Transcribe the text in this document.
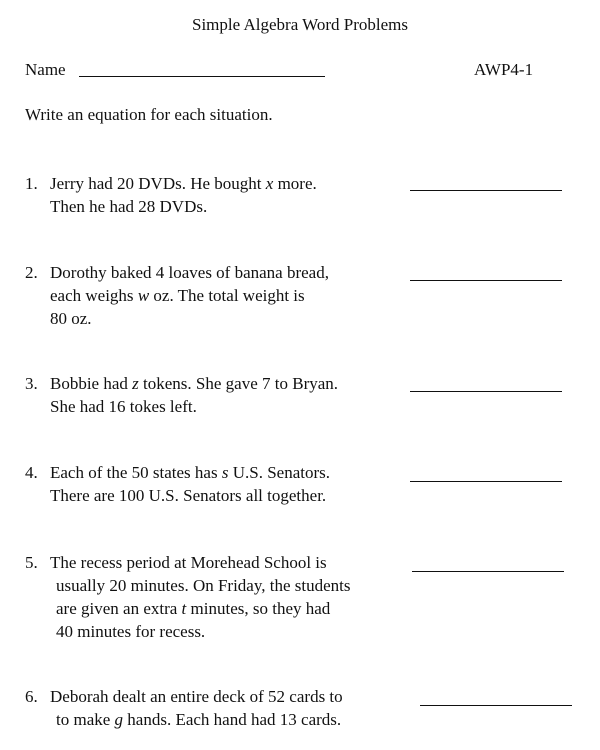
Simple Algebra Word Problems
Name	AWP4-1
Write an equation for each situation.
1. Jerry had 20 DVDs. He bought x more.
Then he had 28 DVDs.
2. Dorothy baked 4 loaves of banana bread,
each weighs w oz. The total weight is
80 oz.
3. Bobbie had z tokens. She gave 7 to Bryan.
She had 16 tokes left.
4. Each of the 50 states has s U.S. Senators.
There are 100 U.S. Senators all together.
5. The recess period at Morehead School is
usually 20 minutes. On Friday, the students
are given an extra t minutes, so they had
40 minutes for recess.
6. Deborah dealt an entire deck of 52 cards to
to make g hands. Each hand had 13 cards.
